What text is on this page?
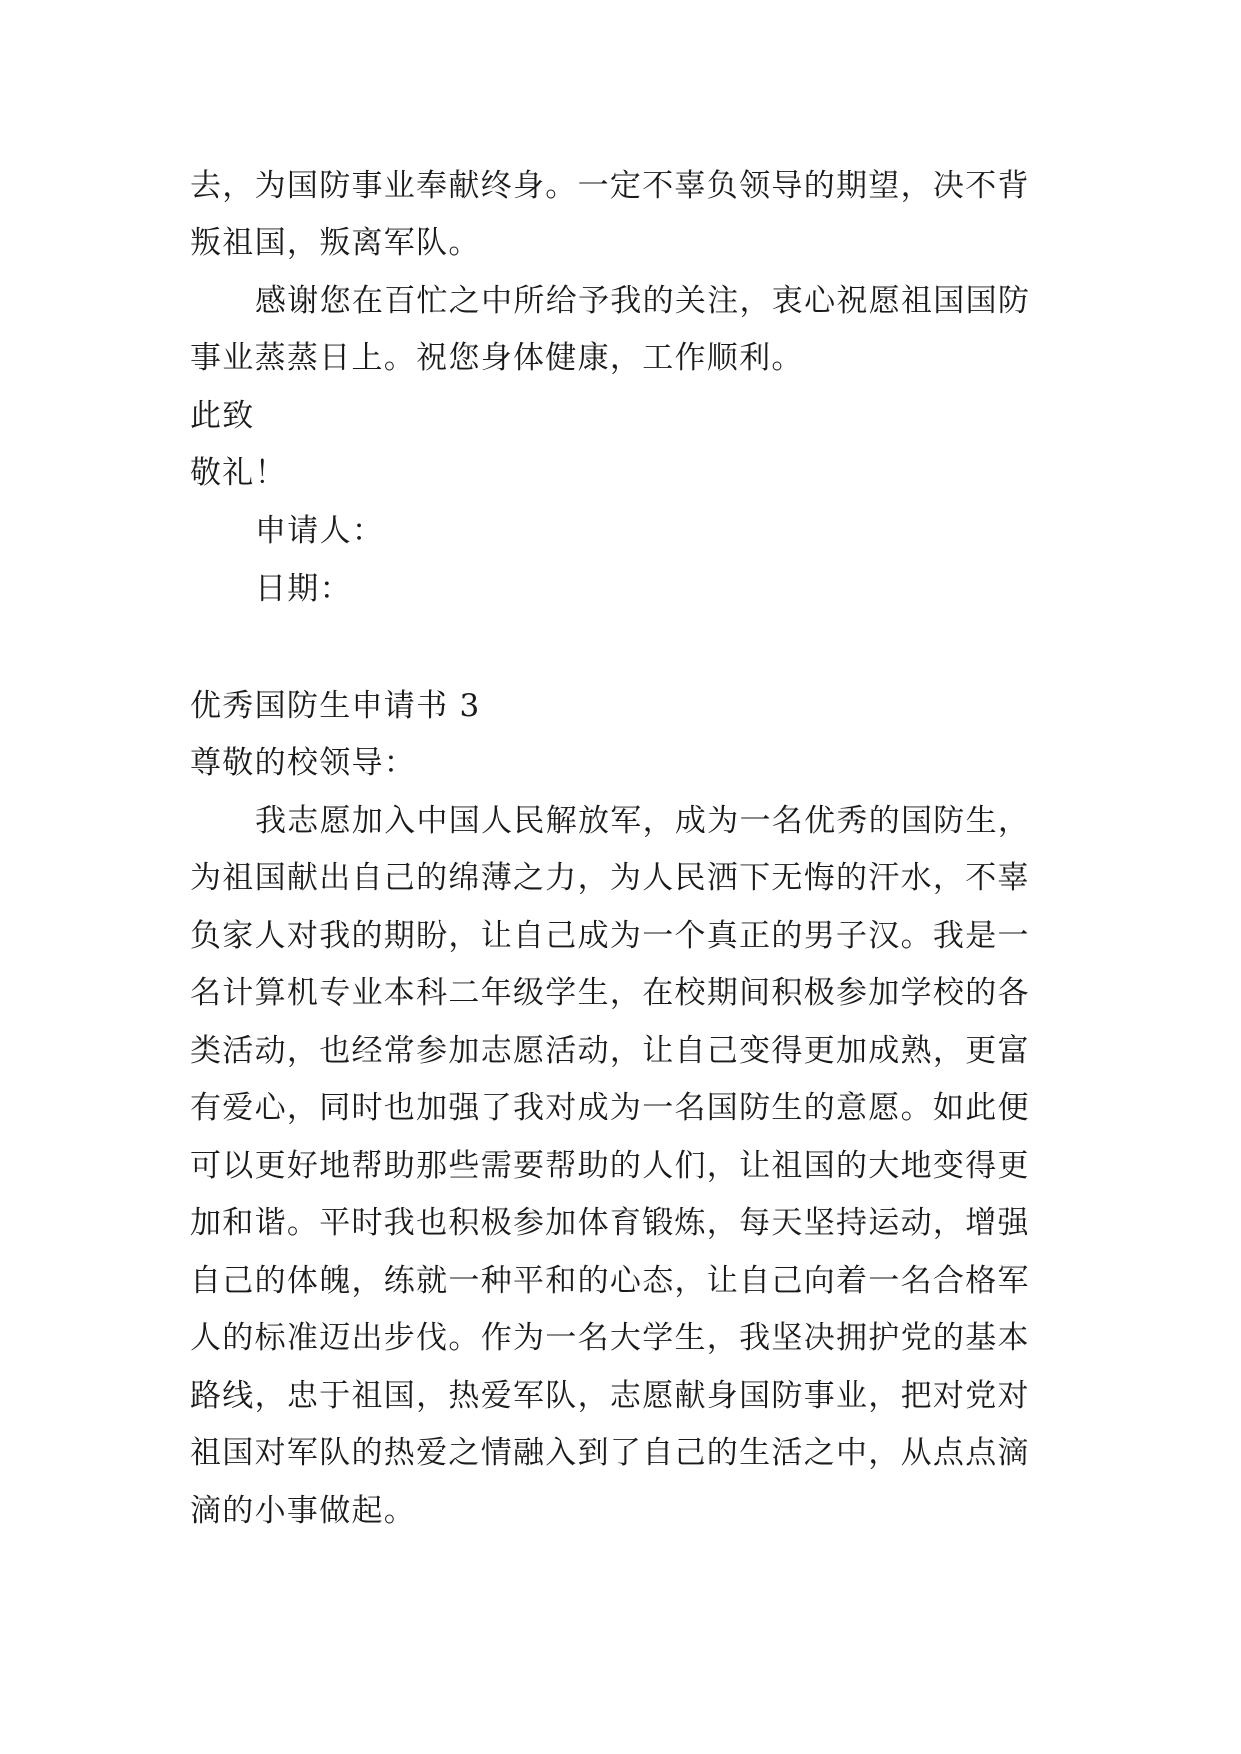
去，为国防事业奉献终身。一定不辜负领导的期望，决不背
叛祖国，叛离军队。
感谢您在百忙之中所给予我的关注，衷心祝愿祖国国防
事业蒸蒸日上。祝您身体健康，工作顺利。
此致
敬礼！
申请人：
日期：
优秀国防生申请书 3
尊敬的校领导：
我志愿加入中国人民解放军，成为一名优秀的国防生，
为祖国献出自己的绵薄之力，为人民洒下无悔的汗水，不辜
负家人对我的期盼，让自己成为一个真正的男子汉。我是一
名计算机专业本科二年级学生，在校期间积极参加学校的各
类活动，也经常参加志愿活动，让自己变得更加成熟，更富
有爱心，同时也加强了我对成为一名国防生的意愿。如此便
可以更好地帮助那些需要帮助的人们，让祖国的大地变得更
加和谐。平时我也积极参加体育锻炼，每天坚持运动，增强
自己的体魄，练就一种平和的心态，让自己向着一名合格军
人的标准迈出步伐。作为一名大学生，我坚决拥护党的基本
路线，忠于祖国，热爱军队，志愿献身国防事业，把对党对
祖国对军队的热爱之情融入到了自己的生活之中，从点点滴
滴的小事做起。
